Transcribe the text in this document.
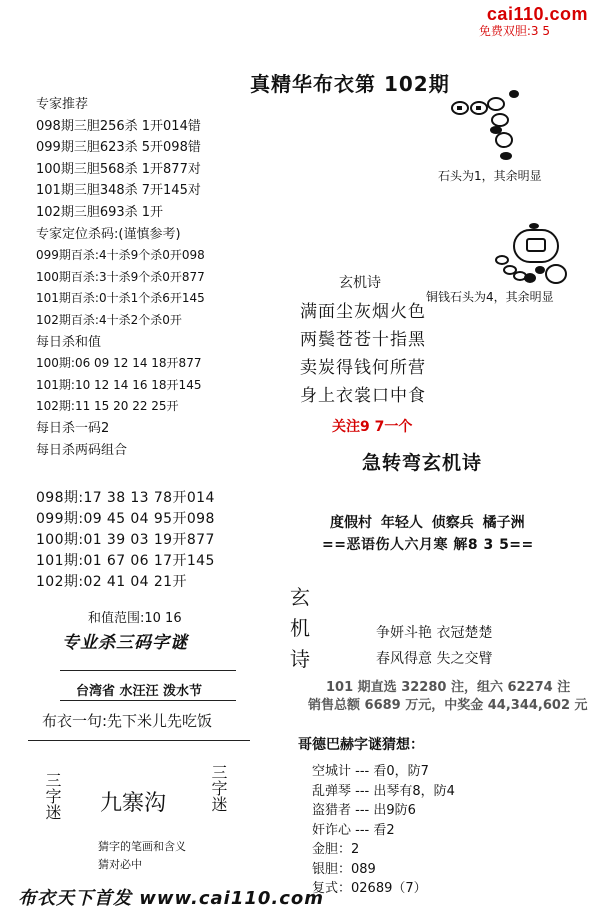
cai110.com
免费双胆:3 5
真精华布衣第 102期
专家推荐
098期三胆256杀 1开014错
099期三胆623杀 5开098错
100期三胆568杀 1开877对
101期三胆348杀 7开145对
102期三胆693杀 1开
专家定位杀码:(谨慎参考)
099期百杀:4十杀9个杀0开098
100期百杀:3十杀9个杀0开877
101期百杀:0十杀1个杀6开145
102期百杀:4十杀2个杀0开
每日杀和值
100期:06 09 12 14 18开877
101期:10 12 14 16 18开145
102期:11 15 20 22 25开
每日杀一码2
每日杀两码组合
098期:17 38 13 78开014
099期:09 45 04 95开098
100期:01 39 03 19开877
101期:01 67 06 17开145
102期:02 41 04 21开
和值范围:10 16
专业杀三码字谜
台湾省 水汪汪 泼水节
布衣一句:先下米儿先吃饭
三字迷 九寨沟	三字迷
猜字的笔画和含义
猜对必中
石头为1，其余明显
铜钱石头为4，其余明显
玄机诗
满面尘灰烟火色
两鬓苍苍十指黑
卖炭得钱何所营
身上衣裳口中食
关注9 7一个
急转弯玄机诗
度假村 年轻人 侦察兵 橘子洲
==恶语伤人六月寒 解8 3 5==
玄
机
诗
争妍斗艳 衣冠楚楚
春风得意 失之交臂
101 期直选 32280 注，组六 62274 注
销售总额 6689 万元，中奖金 44,344,602 元
哥德巴赫字谜猜想：
空城计 --- 看0，防7
乱弹琴 --- 出琴有8，防4
盗猎者 --- 出9防6
奸诈心 --- 看2
金胆：2
银胆：089
复式：02689（7）
布衣天下首发 www.cai110.com
